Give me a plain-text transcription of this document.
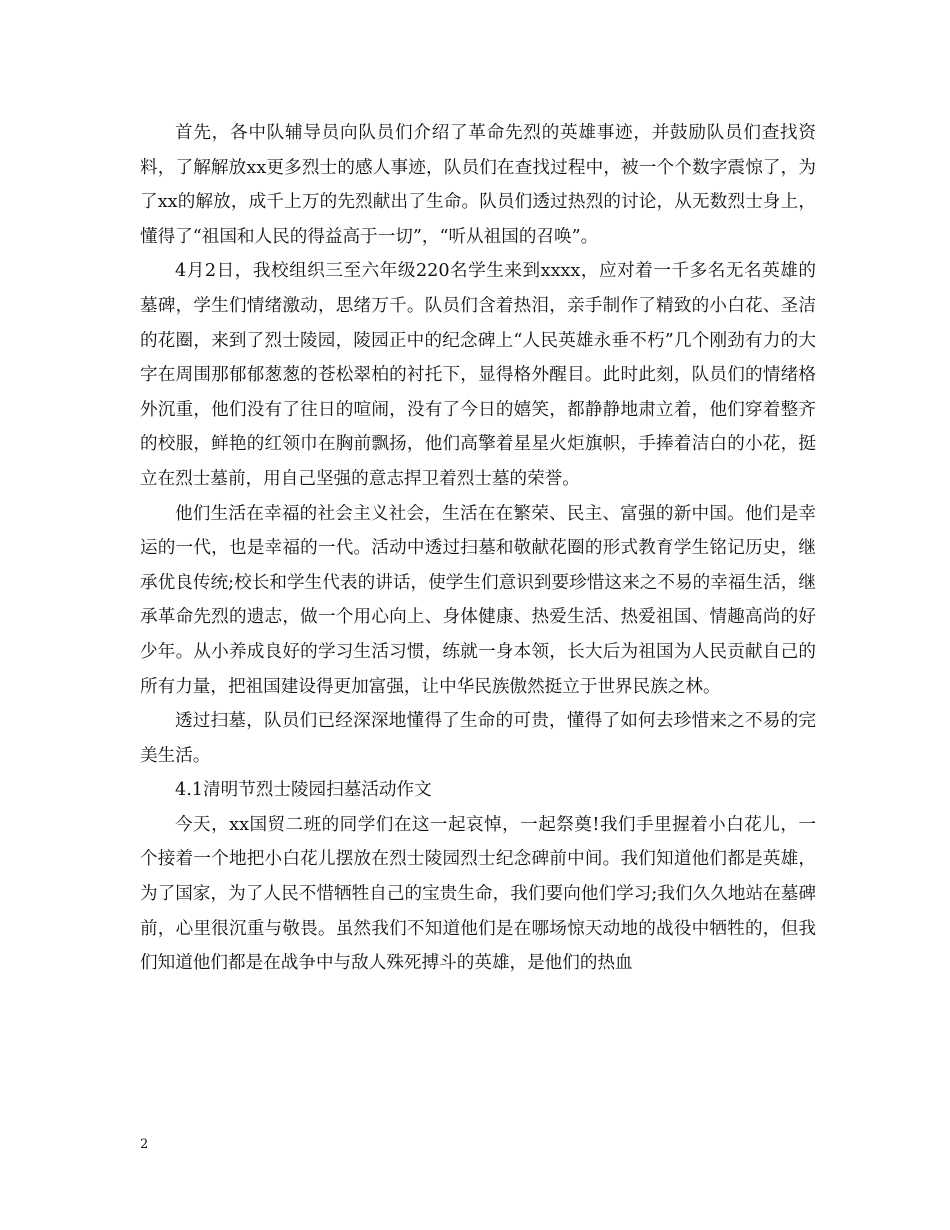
首先，各中队辅导员向队员们介绍了革命先烈的英雄事迹，并鼓励队员们查找资料，了解解放xx更多烈士的感人事迹，队员们在查找过程中，被一个个数字震惊了，为了xx的解放，成千上万的先烈献出了生命。队员们透过热烈的讨论，从无数烈士身上，懂得了“祖国和人民的得益高于一切”，“听从祖国的召唤”。

4月2日，我校组织三至六年级220名学生来到xxxx，应对着一千多名无名英雄的墓碑，学生们情绪激动，思绪万千。队员们含着热泪，亲手制作了精致的小白花、圣洁的花圈，来到了烈士陵园，陵园正中的纪念碑上“人民英雄永垂不朽”几个刚劲有力的大字在周围那郁郁葱葱的苍松翠柏的衬托下，显得格外醒目。此时此刻，队员们的情绪格外沉重，他们没有了往日的喧闹，没有了今日的嬉笑，都静静地肃立着，他们穿着整齐的校服，鲜艳的红领巾在胸前飘扬，他们高擎着星星火炬旗帜，手捧着洁白的小花，挺立在烈士墓前，用自己坚强的意志捍卫着烈士墓的荣誉。

他们生活在幸福的社会主义社会，生活在在繁荣、民主、富强的新中国。他们是幸运的一代，也是幸福的一代。活动中透过扫墓和敬献花圈的形式教育学生铭记历史，继承优良传统;校长和学生代表的讲话，使学生们意识到要珍惜这来之不易的幸福生活，继承革命先烈的遗志，做一个用心向上、身体健康、热爱生活、热爱祖国、情趣高尚的好少年。从小养成良好的学习生活习惯，练就一身本领，长大后为祖国为人民贡献自己的所有力量，把祖国建设得更加富强，让中华民族傲然挺立于世界民族之林。

透过扫墓，队员们已经深深地懂得了生命的可贵，懂得了如何去珍惜来之不易的完美生活。

4.1清明节烈士陵园扫墓活动作文

今天，xx国贸二班的同学们在这一起哀悼，一起祭奠!我们手里握着小白花儿，一个接着一个地把小白花儿摆放在烈士陵园烈士纪念碑前中间。我们知道他们都是英雄，为了国家，为了人民不惜牺牲自己的宝贵生命，我们要向他们学习;我们久久地站在墓碑前，心里很沉重与敬畏。虽然我们不知道他们是在哪场惊天动地的战役中牺牲的，但我们知道他们都是在战争中与敌人殊死搏斗的英雄，是他们的热血

2
